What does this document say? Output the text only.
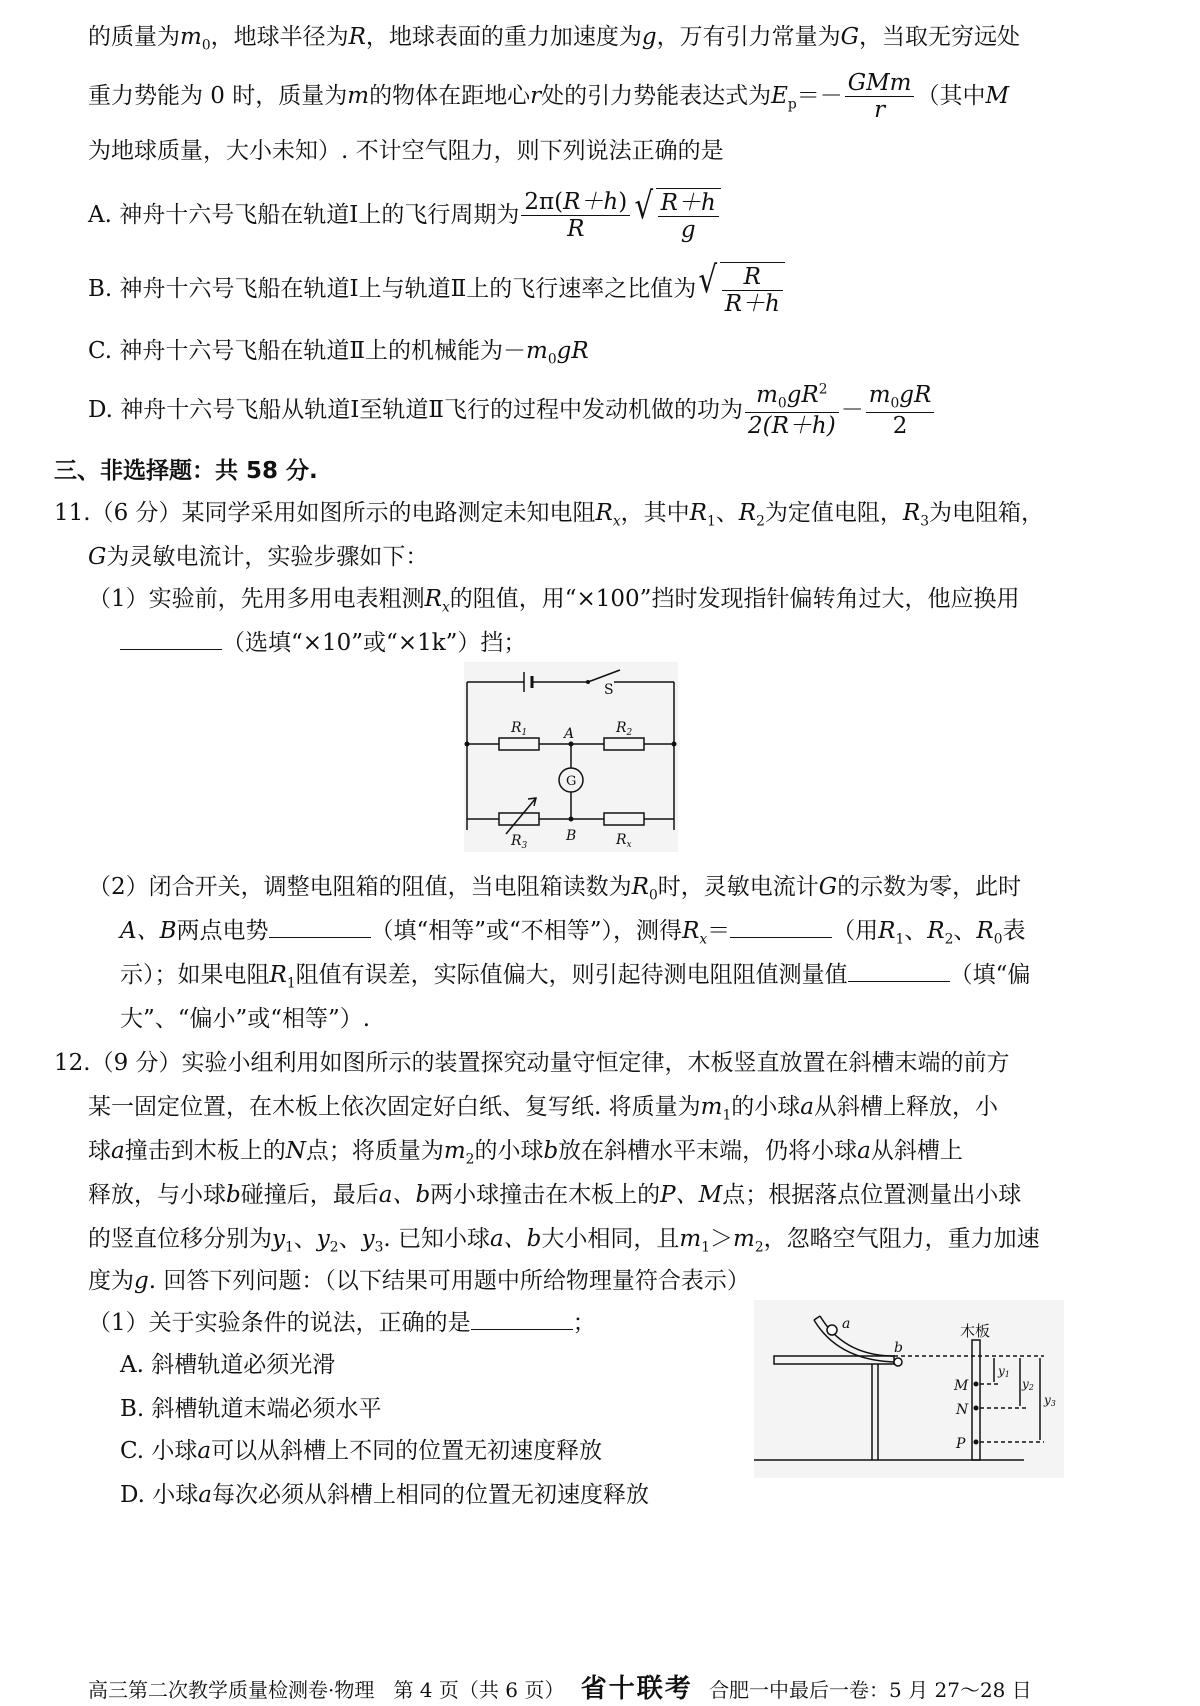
的质量为$m_0$，地球半径为R，地球表面的重力加速度为g，万有引力常量为G，当取无穷远处
重力势能为 0 时，质量为m的物体在距地心r处的引力势能表达式为$E_p=- \frac{\text{GMm}}{r}$ （其中M
为地球质量，大小未知）. 不计空气阻力，则下列说法正确的是
A. 神舟十六号飞船在轨道Ⅰ上的飞行周期为 $\frac{2\pi(R+h)}{R}$ √ $\frac{R+h}{g}$
B. 神舟十六号飞船在轨道Ⅰ上与轨道Ⅱ上的飞行速率之比值为 √ $\frac{R}{R+h}$
C. 神舟十六号飞船在轨道Ⅱ上的机械能为$-m_0gR$
D. 神舟十六号飞船从轨道Ⅰ至轨道Ⅱ飞行的过程中发动机做的功为 $\frac{m_0gR^2}{2(R+h)} - \frac{m_0gR}{2}$
三、非选择题：共 58 分.
11.（6 分）某同学采用如图所示的电路测定未知电阻$R_x$，其中$R_1$、$R_2$为定值电阻，$R_3$为电阻箱，
G为灵敏电流计，实验步骤如下：
（1）实验前，先用多用电表粗测$R_x$的阻值，用“×100”挡时发现指针偏转角过大，他应换用
（选填“×10”或“×1k”）挡；
S
$R_1$	A	$R_2$
G
$R_3$
B	$R_x$
（2）闭合开关，调整电阻箱的阻值，当电阻箱读数为$R_0$时，灵敏电流计G的示数为零，此时
A、B两点电势	（填“相等”或“不相等”），测得$R_x=$	（用$R_1$、$R_2$、$R_0$表
示）；如果电阻$R_1$阻值有误差，实际值偏大，则引起待测电阻阻值测量值	（填“偏
大”、“偏小”或“相等”）.
12.（9 分）实验小组利用如图所示的装置探究动量守恒定律，木板竖直放置在斜槽末端的前方
某一固定位置，在木板上依次固定好白纸、复写纸. 将质量为$m_1$的小球a从斜槽上释放，小
球a撞击到木板上的N点；将质量为$m_2$的小球b放在斜槽水平末端，仍将小球a从斜槽上
释放，与小球b碰撞后，最后a、b两小球撞击在木板上的P、M点；根据落点位置测量出小球
的竖直位移分别为$y_1$、$y_2$、$y_3$. 已知小球a、b大小相同，且$m_1>m_2$，忽略空气阻力，重力加速
度为g. 回答下列问题：（以下结果可用题中所给物理量符合表示）
（1）关于实验条件的说法，正确的是	；
A. 斜槽轨道必须光滑
B. 斜槽轨道末端必须水平
C. 小球a可以从斜槽上不同的位置无初速度释放
D. 小球a每次必须从斜槽上相同的位置无初速度释放
a
b
木板
M
N
P
y1
y2
y3
高三第二次教学质量检测卷·物理 第 4 页（共 6 页） 省十联考 合肥一中最后一卷：5 月 27～28 日
